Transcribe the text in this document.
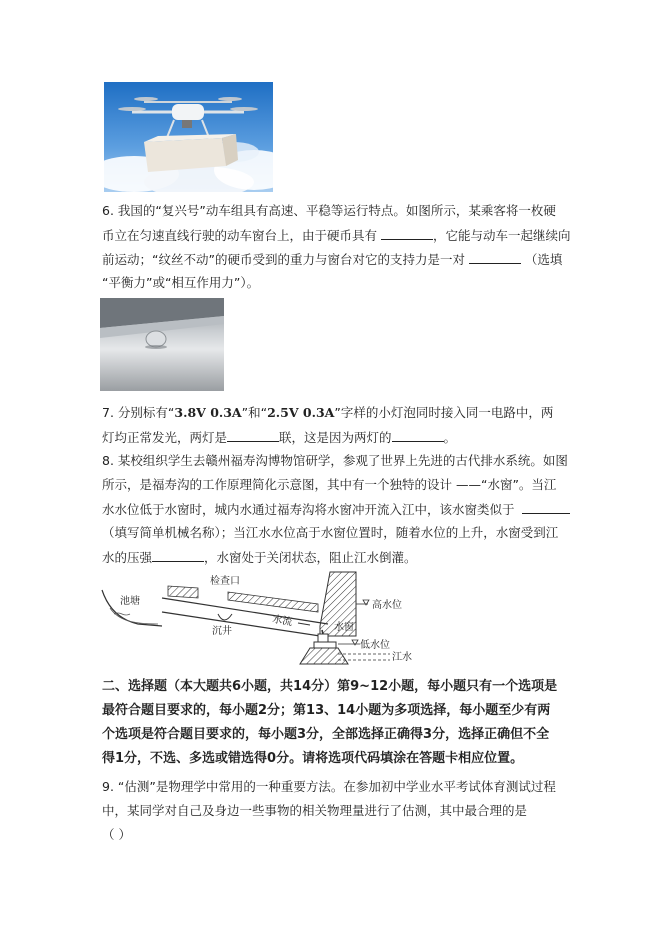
6. 我国的“复兴号”动车组具有高速、平稳等运行特点。如图所示，某乘客将一枚硬
币立在匀速直线行驶的动车窗台上，由于硬币具有	，它能与动车一起继续向
前运动；“纹丝不动”的硬币受到的重力与窗台对它的支持力是一对	（选填
“平衡力”或“相互作用力”）。
7. 分别标有“3.8V 0.3A”和“2.5V 0.3A”字样的小灯泡同时接入同一电路中，两
灯均正常发光，两灯是	联，这是因为两灯的	。
8. 某校组织学生去赣州福寿沟博物馆研学，参观了世界上先进的古代排水系统。如图
所示，是福寿沟的工作原理简化示意图，其中有一个独特的设计 ——“水窗”。当江
水水位低于水窗时，城内水通过福寿沟将水窗冲开流入江中，该水窗类似于
（填写简单机械名称）；当江水水位高于水窗位置时，随着水位的上升，水窗受到江
水的压强	，水窗处于关闭状态，阻止江水倒灌。
池塘
检查口
沉井
水流
高水位
水窗
低水位
江水
二、选择题（本大题共6小题，共14分）第9~12小题，每小题只有一个选项是
最符合题目要求的，每小题2分；第13、14小题为多项选择，每小题至少有两
个选项是符合题目要求的，每小题3分，全部选择正确得3分，选择正确但不全
得1分，不选、多选或错选得0分。请将选项代码填涂在答题卡相应位置。
9. “估测”是物理学中常用的一种重要方法。在参加初中学业水平考试体育测试过程
中，某同学对自己及身边一些事物的相关物理量进行了估测，其中最合理的是
（ ）
